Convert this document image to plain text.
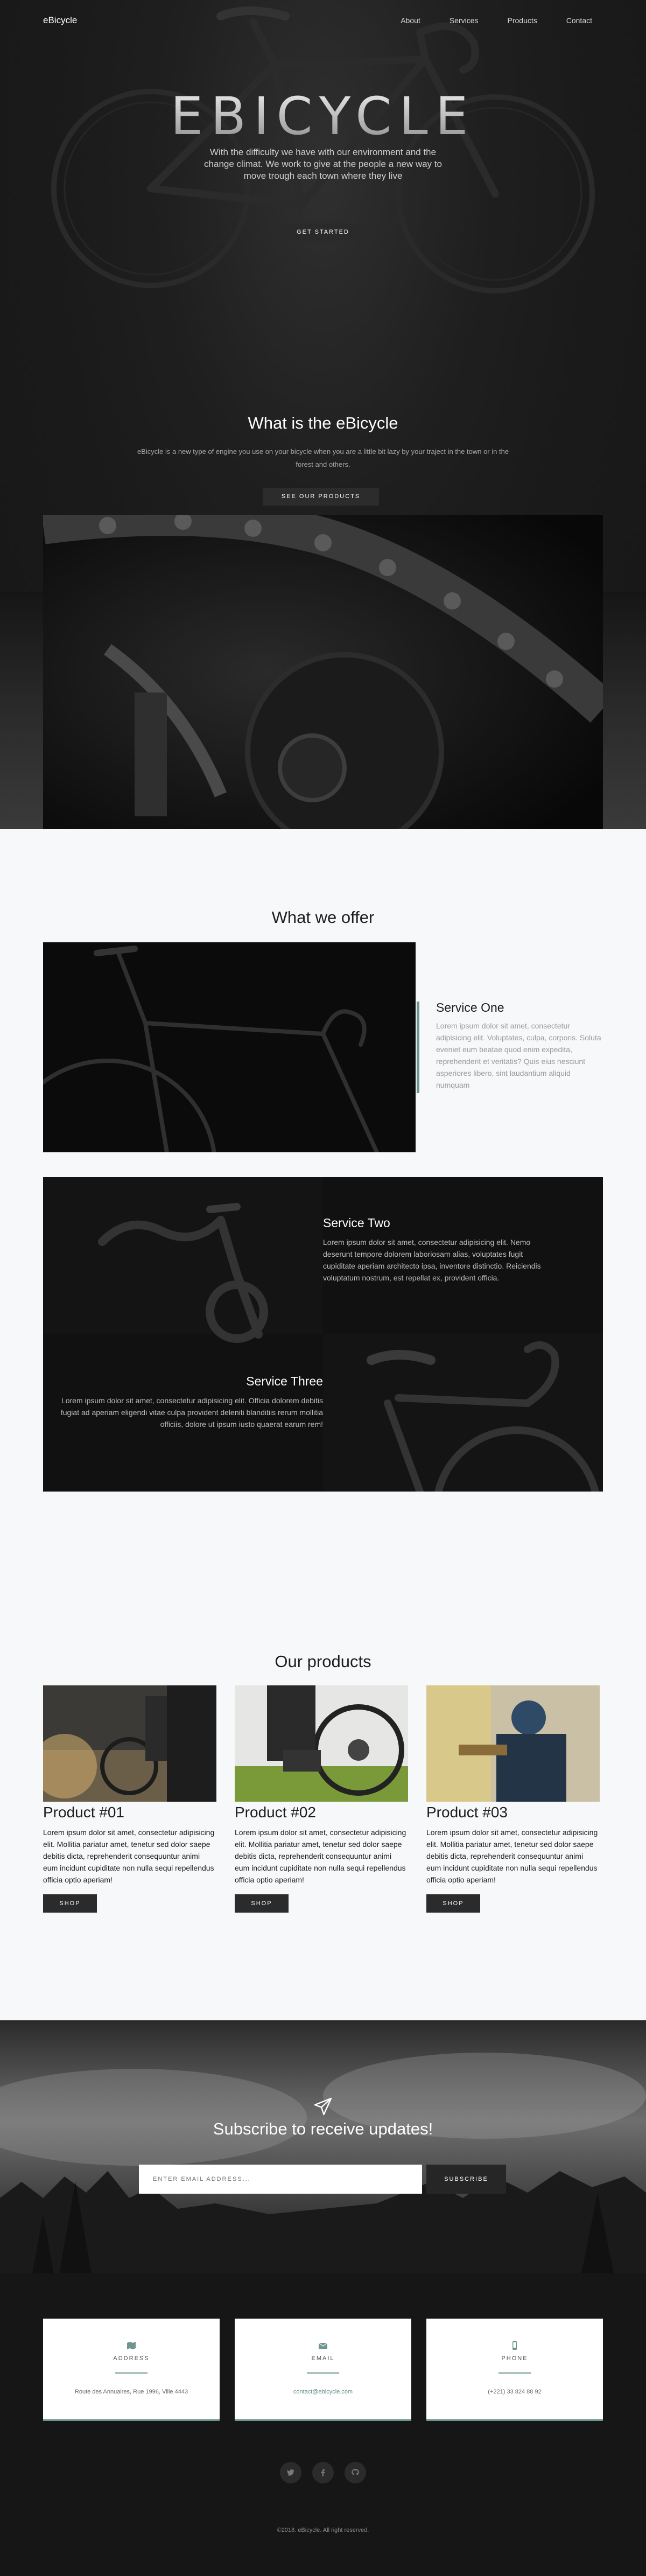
eBicycle	About	Services	Products	Contact
EBICYCLE
With the difficulty we have with our environment and the change climat. We work to give at the people a new way to move trough each town where they live
GET STARTED
What is the eBicycle
eBicycle is a new type of engine you use on your bicycle when you are a little bit lazy by your traject in the town or in the forest and others.
SEE OUR PRODUCTS
What we offer
Service One
Lorem ipsum dolor sit amet, consectetur adipisicing elit. Voluptates, culpa, corporis. Soluta eveniet eum beatae quod enim expedita, reprehenderit et veritatis? Quis eius nesciunt asperiores libero, sint laudantium aliquid numquam
Service Two
Lorem ipsum dolor sit amet, consectetur adipisicing elit. Nemo deserunt tempore dolorem laboriosam alias, voluptates fugit cupiditate aperiam architecto ipsa, inventore distinctio. Reiciendis voluptatum nostrum, est repellat ex, provident officia.
Service Three
Lorem ipsum dolor sit amet, consectetur adipisicing elit. Officia dolorem debitis fugiat ad aperiam eligendi vitae culpa provident deleniti blanditiis rerum mollitia officiis, dolore ut ipsum iusto quaerat earum rem!
Our products
Product #01
Lorem ipsum dolor sit amet, consectetur adipisicing elit. Mollitia pariatur amet, tenetur sed dolor saepe debitis dicta, reprehenderit consequuntur animi eum incidunt cupiditate non nulla sequi repellendus officia optio aperiam!
SHOP
Product #02
Lorem ipsum dolor sit amet, consectetur adipisicing elit. Mollitia pariatur amet, tenetur sed dolor saepe debitis dicta, reprehenderit consequuntur animi eum incidunt cupiditate non nulla sequi repellendus officia optio aperiam!
SHOP
Product #03
Lorem ipsum dolor sit amet, consectetur adipisicing elit. Mollitia pariatur amet, tenetur sed dolor saepe debitis dicta, reprehenderit consequuntur animi eum incidunt cupiditate non nulla sequi repellendus officia optio aperiam!
SHOP
Subscribe to receive updates!
ENTER EMAIL ADDRESS...
SUBSCRIBE
ADDRESS
Route des Annuaires, Rue 1996, Ville 4443
EMAIL
contact@ebicycle.com
PHONE
(+221) 33 824 88 92
©2018. eBicycle. All right reserved.
